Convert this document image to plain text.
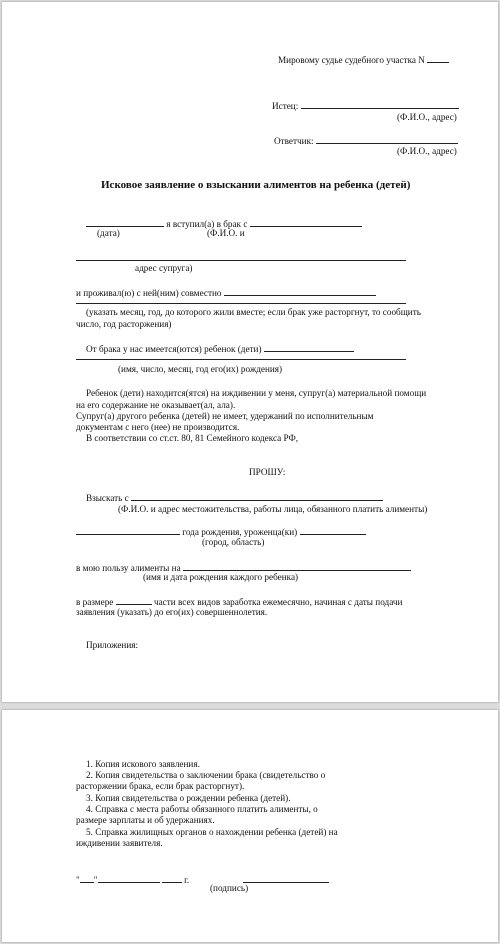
Мировому судье судебного участка N
Истец:
(Ф.И.О., адрес)
Ответчик:
(Ф.И.О., адрес)
Исковое заявление о взыскании алиментов на ребенка (детей)
я вступил(а) в брак с
(дата)	(Ф.И.О. и
адрес супруга)
и проживал(ю) с ней(ним) совместно
(указать месяц, год, до которого жили вместе; если брак уже расторгнут, то сообщить
число, год расторжения)
От брака у нас имеется(ются) ребенок (дети)
(имя, число, месяц, год его(их) рождения)
Ребенок (дети) находится(ятся) на иждивении у меня, супруг(а) материальной помощи
на его содержание не оказывает(ал, ала).
Супруг(а) другого ребенка (детей) не имеет, удержаний по исполнительным
документам с него (нее) не производится.
В соответствии со ст.ст. 80, 81 Семейного кодекса РФ,
ПРОШУ:
Взыскать с
(Ф.И.О. и адрес местожительства, работы лица, обязанного платить алименты)
года рождения, уроженца(ки)
(город, область)
в мою пользу алименты на
(имя и дата рождения каждого ребенка)
в размере	части всех видов заработка ежемесячно, начиная с даты подачи
заявления (указать) до его(их) совершеннолетия.
Приложения:
1. Копия искового заявления.
2. Копия свидетельства о заключении брака (свидетельство о
расторжении брака, если брак расторгнут).
3. Копия свидетельства о рождении ребенка (детей).
4. Справка с места работы обязанного платить алименты, о
размере зарплаты и об удержаниях.
5. Справка жилищных органов о нахождении ребенка (детей) на
иждивении заявителя.
" "	г.
(подпись)
